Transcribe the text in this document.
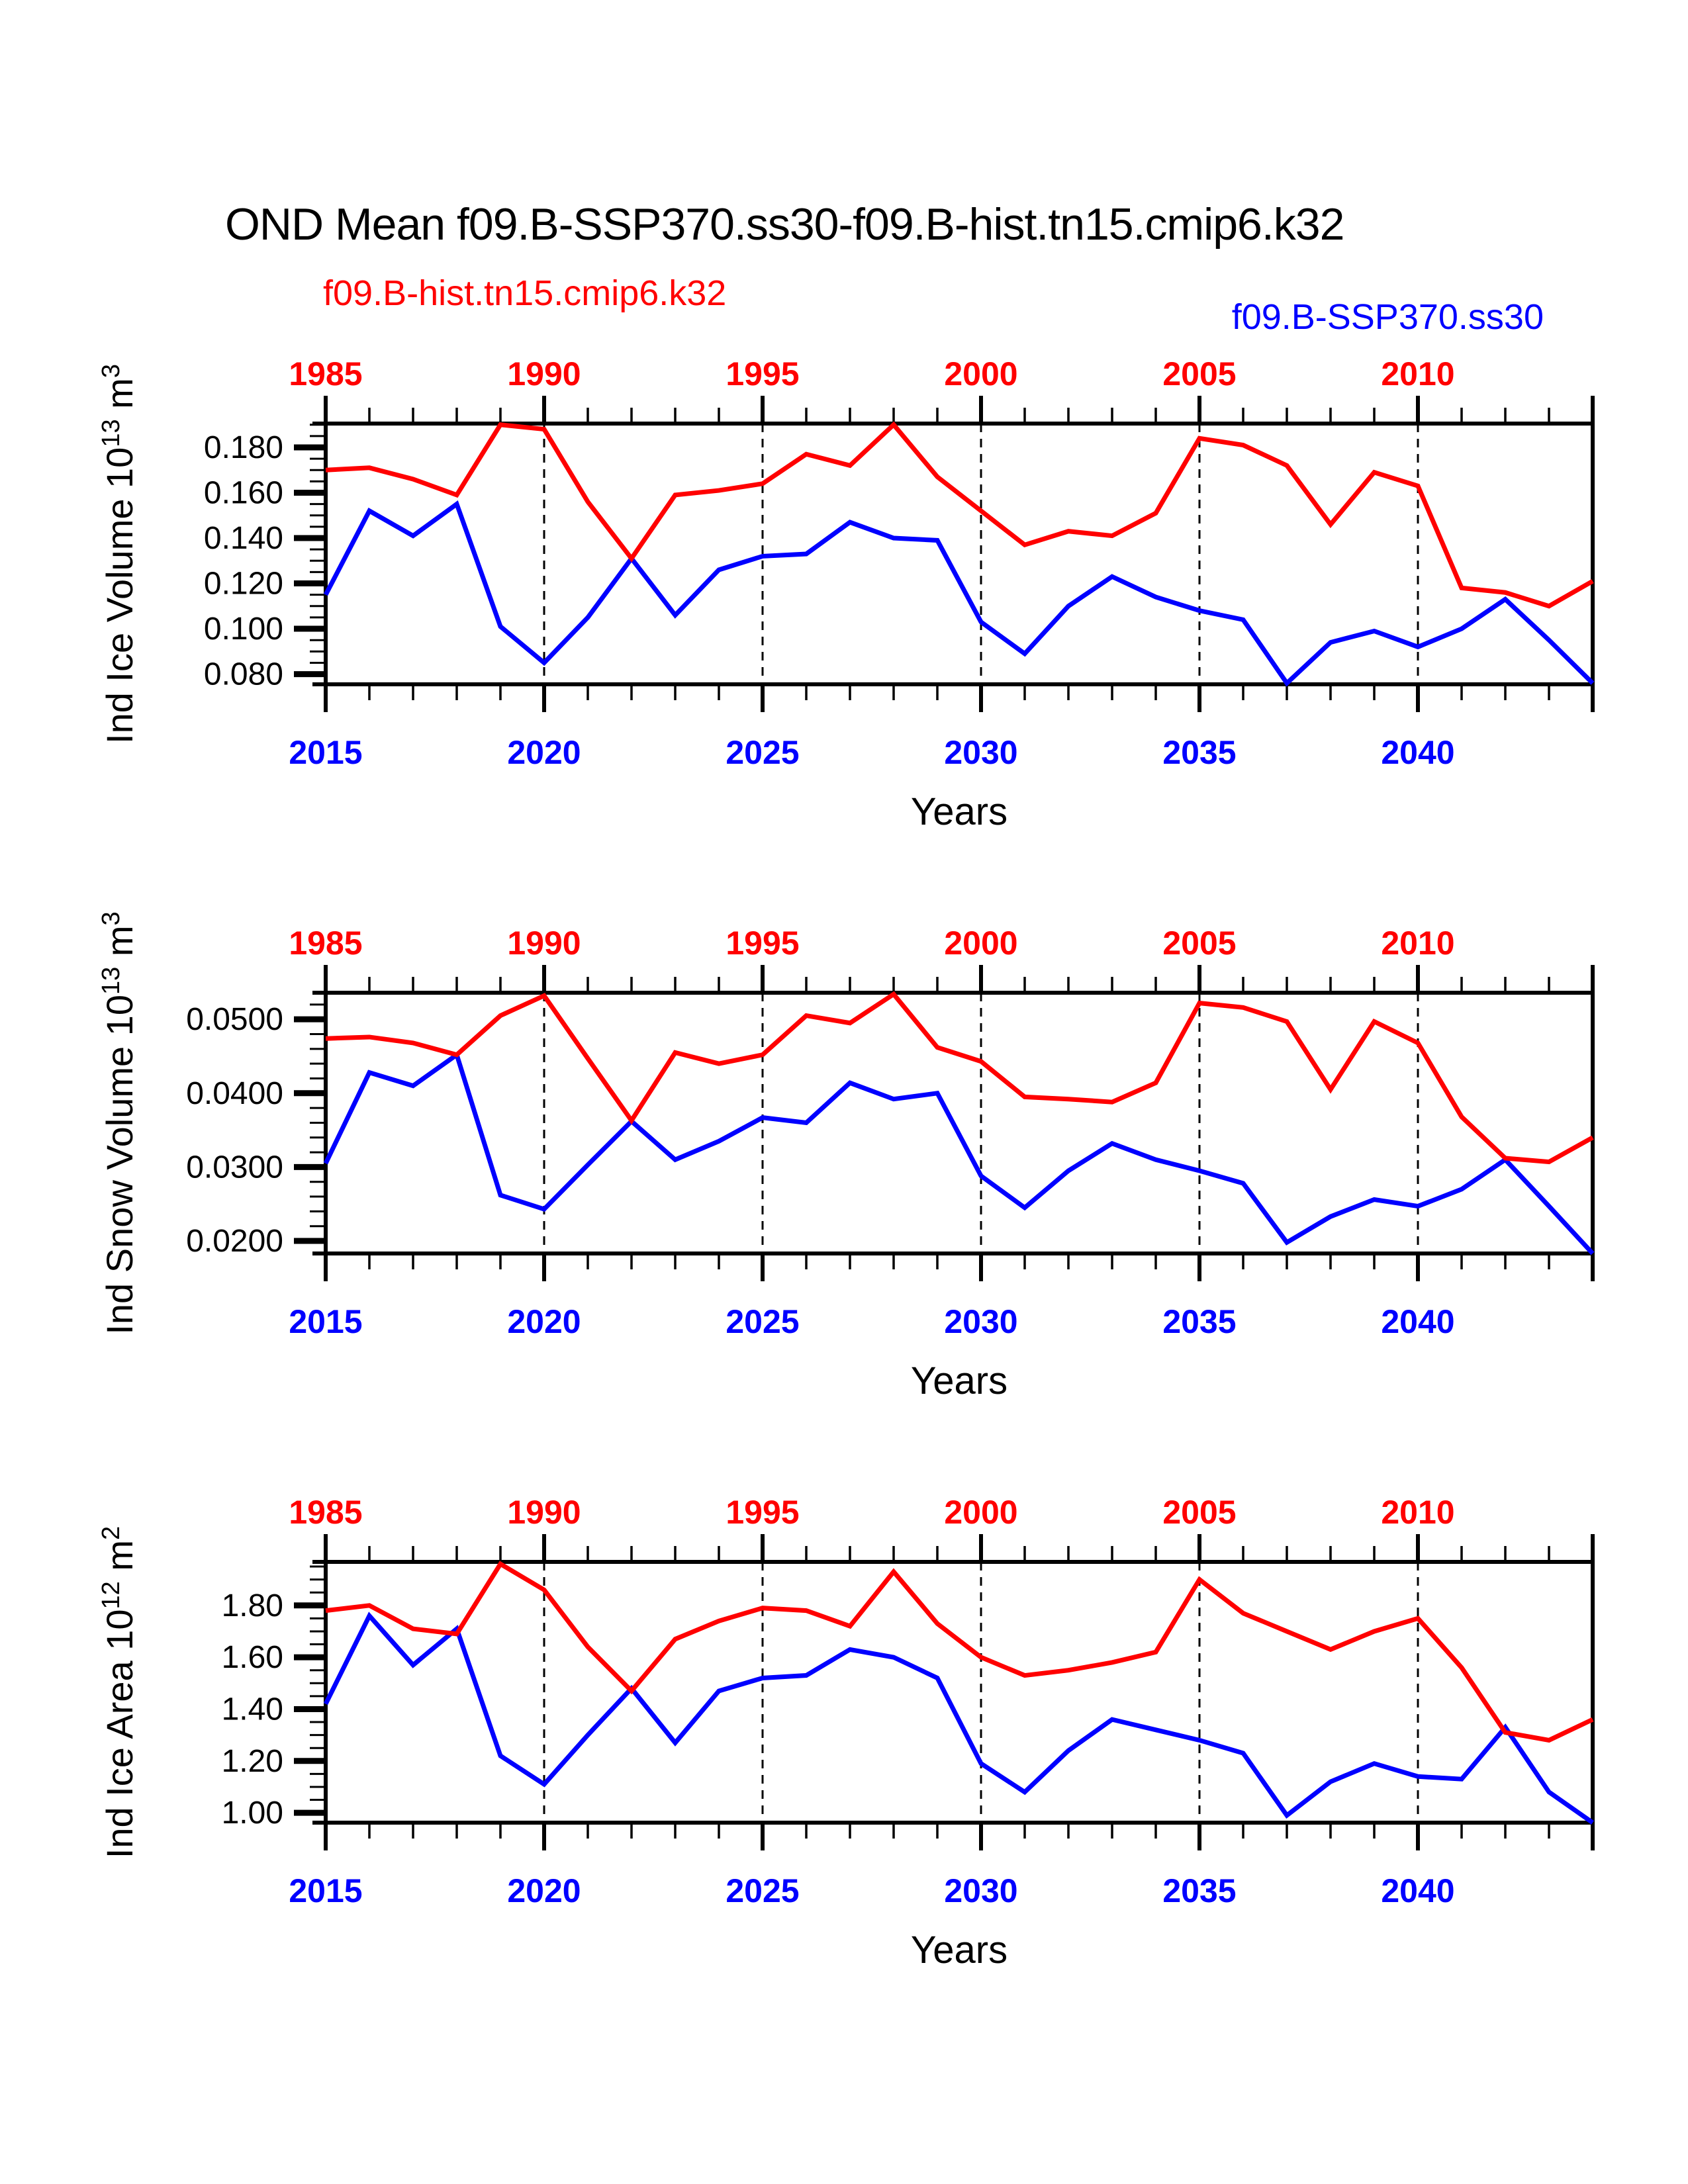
OND Mean f09.B-SSP370.ss30-f09.B-hist.tn15.cmip6.k32
f09.B-hist.tn15.cmip6.k32
f09.B-SSP370.ss30
1985	1990	1995	2000	2005	2010
2015	2020	2025	2030	2035	2040
0.080
0.100
0.120
0.140
0.160
0.180
Ind Ice Volume $10^{13}$ $m^3$
Years
1985	1990	1995	2000	2005	2010
2015	2020	2025	2030	2035	2040
0.0200
0.0300
0.0400
0.0500
Ind Snow Volume $10^{13}$ $m^3$
Years
1985	1990	1995	2000	2005	2010
2015	2020	2025	2030	2035	2040
1.00
1.20
1.40
1.60
1.80
Ind Ice Area $10^{12}$ $m^2$
Years
